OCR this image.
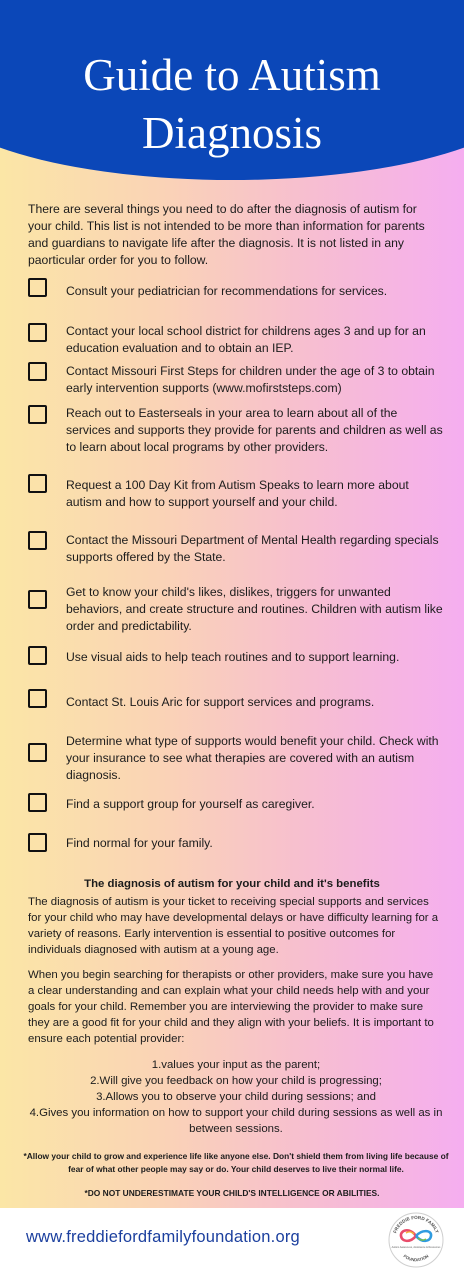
Guide to Autism
Diagnosis

There are several things you need to do after the diagnosis of autism for your child. This list is not intended to be more than information for parents and guardians to navigate life after the diagnosis. It is not listed in any paorticular order for you to follow.

Consult your pediatrician for recommendations for services.

Contact your local school district for childrens ages 3 and up for an education evaluation and to obtain an IEP.

Contact Missouri First Steps for children under the age of 3 to obtain early intervention supports (www.mofirststeps.com)

Reach out to Easterseals in your area to learn about all of the services and supports they provide for parents and children as well as to learn about local programs by other providers.

Request a 100 Day Kit from Autism Speaks to learn more about autism and how to support yourself and your child.

Contact the Missouri Department of Mental Health regarding specials supports offered by the State.

Get to know your child's likes, dislikes, triggers for unwanted behaviors, and create structure and routines. Children with autism like order and predictability.

Use visual aids to help teach routines and to support learning.

Contact St. Louis Aric for support services and programs.

Determine what type of supports would benefit your child. Check with your insurance to see what therapies are covered with an autism diagnosis.

Find a support group for yourself as caregiver.

Find normal for your family.

The diagnosis of autism for your child and it's benefits

The diagnosis of autism is your ticket to receiving special supports and services for your child who may have developmental delays or have difficulty learning for a variety of reasons. Early intervention is essential to positive outcomes for individuals diagnosed with autism at a young age.

When you begin searching for therapists or other providers, make sure you have a clear understanding and can explain what your child needs help with and your goals for your child. Remember you are interviewing the provider to make sure they are a good fit for your child and they align with your beliefs. It is important to ensure each potential provider:

1.values your input as the parent;

2.Will give you feedback on how your child is progressing;

3.Allows you to observe your child during sessions; and

4.Gives you information on how to support your child during sessions as well as in between sessions.

*Allow your child to grow and experience life like anyone else. Don't shield them from living life because of fear of what other people may say or do. Your child deserves to live their normal life.

*DO NOT UNDERESTIMATE YOUR CHILD'S INTELLIGENCE OR ABILITIES.

www.freddiefordfamilyfoundation.org	FREDDIE FORD FAMILY
Autism Awareness, Assistance & Resources
FOUNDATION
